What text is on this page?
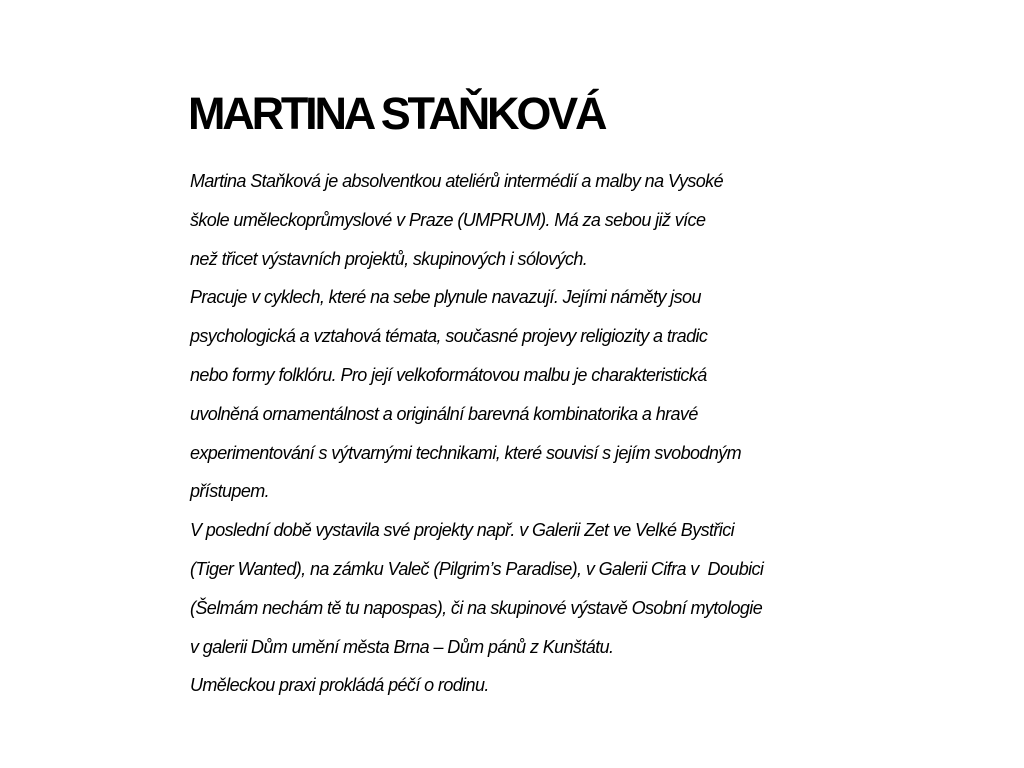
MARTINA STAŇKOVÁ
Martina Staňková je absolventkou ateliérů intermédií a malby na Vysoké
škole uměleckoprůmyslové v Praze (UMPRUM). Má za sebou již více
než třicet výstavních projektů, skupinových i sólových.
Pracuje v cyklech, které na sebe plynule navazují. Jejími náměty jsou
psychologická a vztahová témata, současné projevy religiozity a tradic
nebo formy folklóru. Pro její velkoformátovou malbu je charakteristická
uvolněná ornamentálnost a originální barevná kombinatorika a hravé
experimentování s výtvarnými technikami, které souvisí s jejím svobodným
přístupem.
V poslední době vystavila své projekty např. v Galerii Zet ve Velké Bystřici
(Tiger Wanted), na zámku Valeč (Pilgrim’s Paradise), v Galerii Cifra v  Doubici
(Šelmám nechám tě tu napospas), či na skupinové výstavě Osobní mytologie
v galerii Dům umění města Brna – Dům pánů z Kunštátu.
Uměleckou praxi prokládá péčí o rodinu.
